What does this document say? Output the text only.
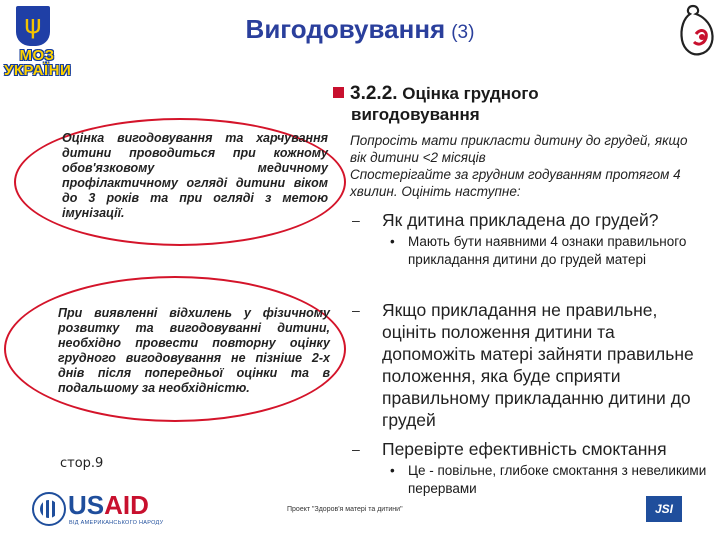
ψ
МОЗ
УКРАЇНИ
Вигодовування (3)
3.2.2. Оцінка грудного
вигодовування
Оцінка вигодовування та харчування дитини проводиться при кожному обов'язковому медичному профілактичному огляді дитини віком до 3 років та при огляді з метою імунізації.
При виявленні відхилень у фізичному розвитку та вигодовуванні дитини, необхідно провести повторну оцінку грудного вигодовування не пізніше 2-х днів після попередньої оцінки та в подальшому за необхідністю.

Попросіть мати прикласти дитину до грудей, якщо вік дитини <2 місяців

Спостерігайте за грудним годуванням протягом 4 хвилин. Оцініть наступне:

– Як дитина прикладена до грудей?
• Мають бути наявними 4 ознаки правильного прикладання дитини до грудей матері
– Якщо прикладання не правильне, оцініть положення дитини та допоможіть матері зайняти правильне положення, яка буде сприяти правильному прикладанню дитини до грудей
– Перевірте ефективність смоктання
• Це - повільне, глибоке смоктання з невеликими перервами
стор.9
USAID
ВІД АМЕРИКАНСЬКОГО НАРОДУ
Проект "Здоров'я матері та дитини"	JSI
